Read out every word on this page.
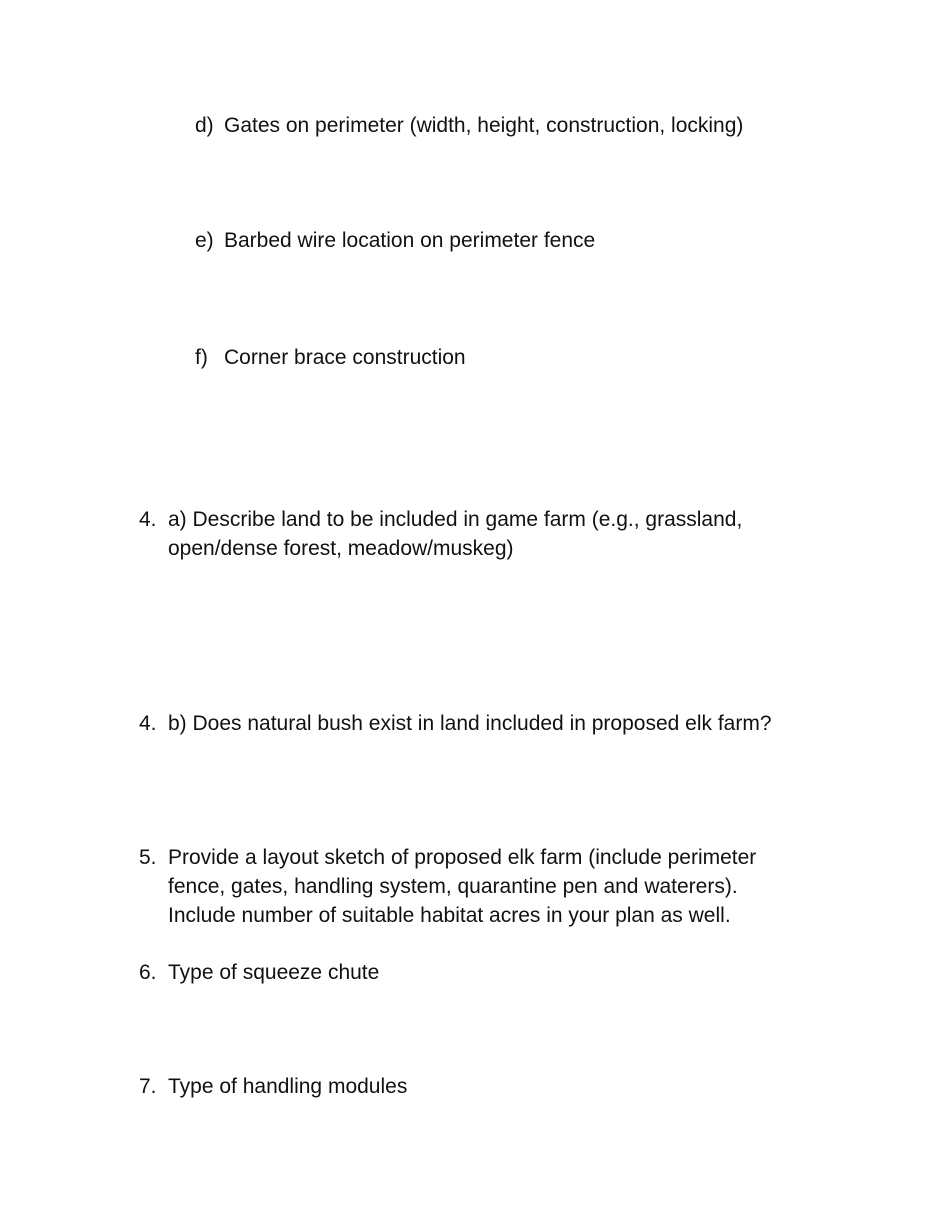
d) Gates on perimeter (width, height, construction, locking)
e) Barbed wire location on perimeter fence
f) Corner brace construction
4. a) Describe land to be included in game farm (e.g., grassland,
open/dense forest, meadow/muskeg)
4. b) Does natural bush exist in land included in proposed elk farm?
5. Provide a layout sketch of proposed elk farm (include perimeter
fence, gates, handling system, quarantine pen and waterers).
Include number of suitable habitat acres in your plan as well.
6. Type of squeeze chute
7. Type of handling modules
